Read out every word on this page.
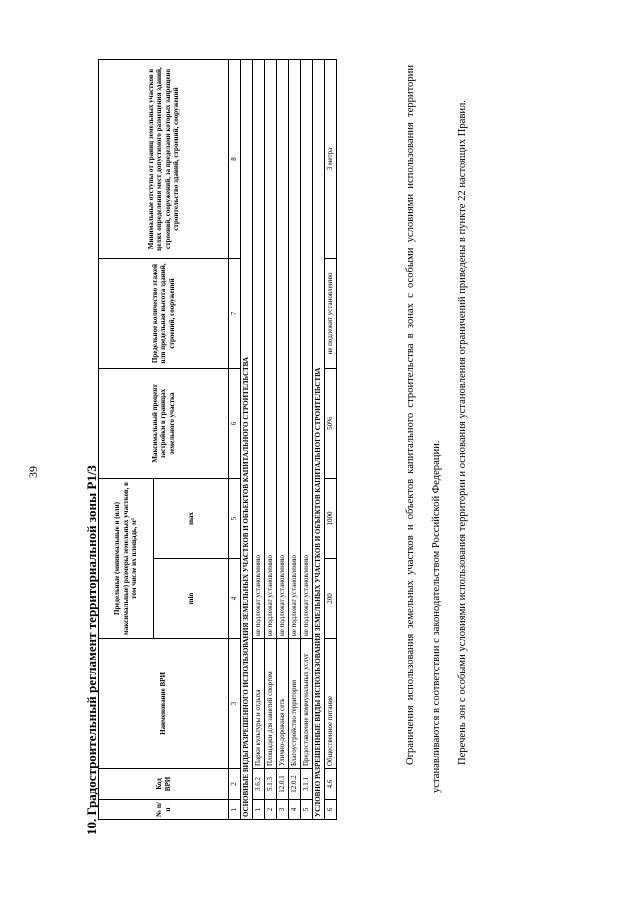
39	10. Градостроительный регламент территориальной зоны Р1/3	№ п/п	Код ВРИ	Наименование ВРИ	Предельные (минимальные и (или) максимальные) размеры земельных участков, в том числе их площадь, м²		Максимальный процент застройки в границах земельного участка	Предельное количество этажей или предельная высота зданий, строений, сооружений	Минимальные отступы от границ земельных участков в целях определения мест допустимого размещения зданий, строений, сооружений, за пределами которых запрещено строительство зданий, строений, сооружений
			min	max			
1	2	3	4	5	6	7	8
ОСНОВНЫЕ ВИДЫ РАЗРЕШЕННОГО ИСПОЛЬЗОВАНИЯ ЗЕМЕЛЬНЫХ УЧАСТКОВ И ОБЪЕКТОВ КАПИТАЛЬНОГО СТРОИТЕЛЬСТВА							
1	3.6.2	Парки культуры и отдыха	не подлежат установлению				
2	5.1.3	Площадки для занятий спортом	не подлежат установлению				
3	12.0.1	Улично-дорожная сеть	не подлежат установлению				
4	12.0.2	Благоустройство территории	не подлежат установлению				
5	3.1.1	Предоставление коммунальных услуг	не подлежат установлению				
УСЛОВНО РАЗРЕШЕННЫЕ ВИДЫ ИСПОЛЬЗОВАНИЯ ЗЕМЕЛЬНЫХ УЧАСТКОВ И ОБЪЕКТОВ КАПИТАЛЬНОГО СТРОИТЕЛЬСТВА							
6	4.6	Общественное питание	200	1000	50%	не подлежит установлению	3 метра	Ограничения использования земельных участков и объектов капитального строительства в зонах с особыми условиями использования территории устанавливаются в соответствии с законодательством Российской Федерации.	Перечень зон с особыми условиями использования территории и основания установления ограничений приведены в пункте 22 настоящих Правил.
